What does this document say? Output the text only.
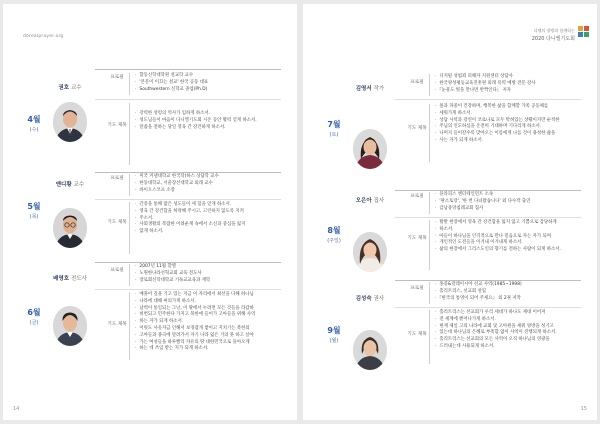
dorealprayer.org
4월
(수)
권호 교수
프로필	· 합동신학대학원 설교학 교수
· '본문이 이끄는 설교' 한국 공동 대표
· Southwestern 신학교 졸업(Ph.D)
기도 제목
· 강력한 성령의 역사가 임하게 하소서.
· 성도님들이 마음이 다니엘기도회 시온 동안 활력 얻게 하소서.
· 말씀을 전하는 당일 영육 간 강건하게 하소서.
5월
(목)
앤디황 교수
프로필	· 미국 커넬대학교 한국학(하스 상담학 교수
· 한동대학교, 서울장신대학교 외래 교수
· 바이오스코프 소장
기도 제목
· 간증을 통해 많은 성도들이 세 힘을 얻게 하소서.
· 영육 간 강건함을 허락해 주시고, 고린하지 않도록 지켜
· 주소서.
· 사회생활의 복잡한 어려운계 속에서 소신과 중심을 잃지
· 않게 하소서.
6월
(금)
배영호 전도사
프로필
· 2007년 11월 할렐
· 노원한나라선혁교회 교육 전도사
· 장로회신학대학교 기독교교육과 재학
기도 제목
· 베풀어 깊을 기고 있는 지금 이 자리에서 최선을 다해 하나님
· 나라에 대해 써의가게 하소서.
· 남벽이 통일되는 그날, 이 땅에서 누려면 모든 것들을 라갑하
· 비번되고 민주한다 가지고 북한에 들어가 고아들을 위해 사역
· 하는 자가 되게 하소서.
· 어릿도 사유자금 인해서 보경잡개 쌓이고 지치기는 복한의
· 고아들과 종극에 말려가서 자기 나라 잃은 거의 못 하고 살아
· 가는 여성들을 하루빨리 자유의 땅 대한민국으로 돌아오게
· 하는 데 쓰임 받는 지가 되게 하소서.
14
다엘의 향방과 함께하는
2020 다니엘기도회
7월
(토)
김영서 작가
프로필
· 디지털 성범죄 피해자 지원센터 상담사
· 한국양성평등교육진흥원 외래 폭력 예방 전문 강사
· 『눈물도 빛을 만나면 반짝인다』 저자
기도 제목
· 폴과 파중이 건강하며, 행복한 삶을 함께할 가족 공동체를
· 세워가게 하소서.
· 상담 사역과 강연이 코로나로 모두 막혀있는 상황이지만 순적한
· 주님의 인도하심을 온전히 기대하며 기다리게 하소서.
· 나머지 들어갈수록 맞아오는 이름에게 나를 것이 용성한 삶을
· 사는 자가 되게 하소서.
8월
(주일)
오은아 집사
프로필	· 플라피스 엔터테인먼트 소속
· '판소토랑', '한 번 다녀왔습니다' 외 다수작 출연
· 감남중앙침례교회 집사
기도 제목
· 활발 현장에서 영육 간 강건함을 잃지 않고 기쁨으로 감당하게
· 하소서.
· 아들이 하나님을 인격적으로 만나 믿음으로 자는 자가 되며
· 개인적인 도전들을 이겨내 이겨내게 하소서.
· 삶의 현장에서 그리스도인의 향기를 전하는 사람이 되게 하소서.
9월
(월)
김성숙 권사
프로필
· 홍콩&말레이시아 선교 사역(1985~1998)
· 홀리트리스, 선교회 설립
· 『한국의 통영이 되어 주세요』 외 2권 저작
기도 제목
· 홀리트리스는 선교회가 우리 세대가 하나도 제대 이어져
· 전 세계에 뻗어나가게 하소서.
· 현재 제일 고의 나라에 교회 및 고아원을 세워 양방을 성기고
· 있는데 하나님의 은혜로 부족함 없이 사역이 진행되게 하소서.
· 홀리트리스는 선교회의 모든 사역이 오직 하나님의 영광을
· 드러내는데 사용되게 하소서.
15
